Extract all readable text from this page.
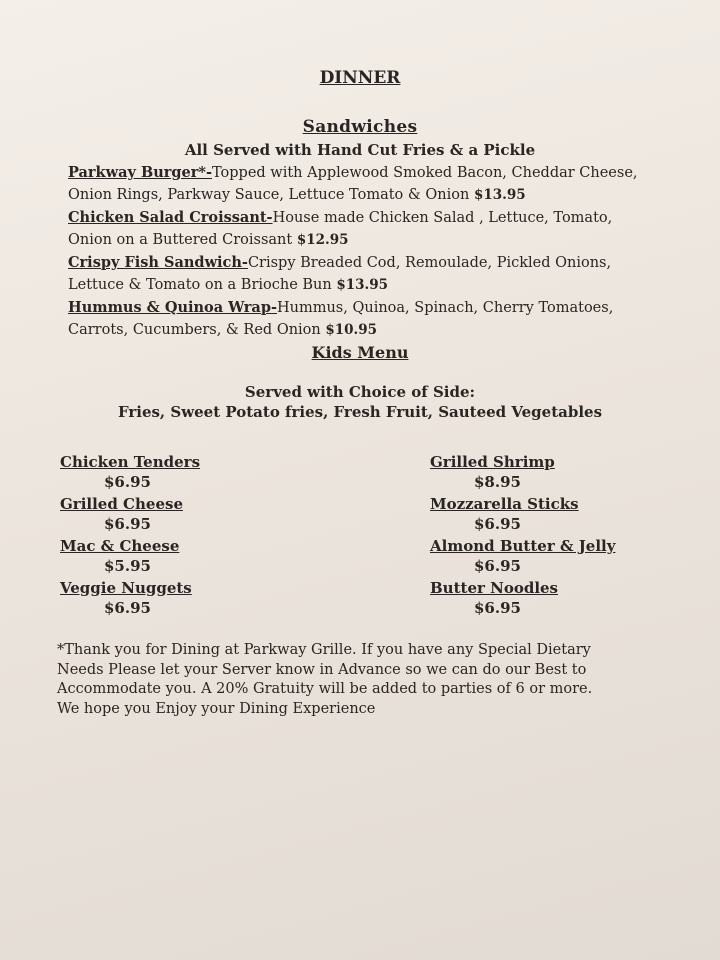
DINNER
Sandwiches
All Served with Hand Cut Fries & a Pickle
Parkway Burger*-Topped with Applewood Smoked Bacon, Cheddar Cheese, Onion Rings, Parkway Sauce, Lettuce Tomato & Onion $13.95
Chicken Salad Croissant-House made Chicken Salad , Lettuce, Tomato, Onion on a Buttered Croissant $12.95
Crispy Fish Sandwich-Crispy Breaded Cod, Remoulade, Pickled Onions, Lettuce & Tomato on a Brioche Bun $13.95
Hummus & Quinoa Wrap-Hummus, Quinoa, Spinach, Cherry Tomatoes, Carrots, Cucumbers, & Red Onion $10.95
Kids Menu
Served with Choice of Side:
Fries, Sweet Potato fries, Fresh Fruit, Sauteed Vegetables
Chicken Tenders
$6.95
Grilled Cheese
$6.95
Mac & Cheese
$5.95
Veggie Nuggets
$6.95
Grilled Shrimp
$8.95
Mozzarella Sticks
$6.95
Almond Butter & Jelly
$6.95
Butter Noodles
$6.95
*Thank you for Dining at Parkway Grille. If you have any Special Dietary Needs Please let your Server know in Advance so we can do our Best to Accommodate you. A 20% Gratuity will be added to parties of 6 or more. We hope you Enjoy your Dining Experience
